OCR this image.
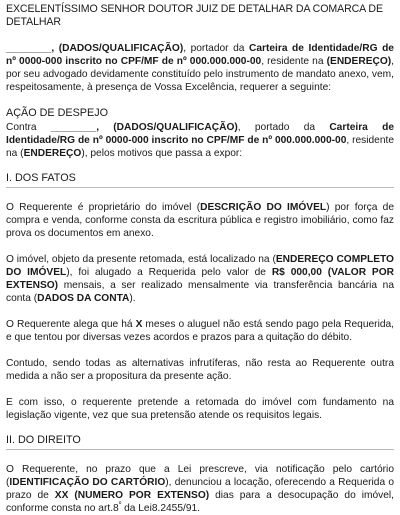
EXCELENTÍSSIMO SENHOR DOUTOR JUIZ DE DETALHAR DA COMARCA DE DETALHAR

________, (DADOS/QUALIFICAÇÃO), portador da Carteira de Identidade/RG de nº 0000-000 inscrito no CPF/MF de nº 000.000.000-00, residente na (ENDEREÇO), por seu advogado devidamente constituído pelo instrumento de mandato anexo, vem, respeitosamente, à presença de Vossa Excelência, requerer a seguinte:

AÇÃO DE DESPEJO

Contra ________, (DADOS/QUALIFICAÇÃO), portado da Carteira de Identidade/RG de nº 0000-000 inscrito no CPF/MF de nº 000.000.000-00, residente na (ENDEREÇO), pelos motivos que passa a expor:

I. DOS FATOS

O Requerente é proprietário do imóvel (DESCRIÇÃO DO IMÓVEL) por força de compra e venda, conforme consta da escritura pública e registro imobiliário, como faz prova os documentos em anexo.

O imóvel, objeto da presente retomada, está localizado na (ENDEREÇO COMPLETO DO IMÓVEL), foi alugado a Requerida pelo valor de R$ 000,00 (VALOR POR EXTENSO) mensais, a ser realizado mensalmente via transferência bancária na conta (DADOS DA CONTA).

O Requerente alega que há X meses o aluguel não está sendo pago pela Requerida, e que tentou por diversas vezes acordos e prazos para a quitação do débito.

Contudo, sendo todas as alternativas infrutíferas, não resta ao Requerente outra medida a não ser a propositura da presente ação.

E com isso, o requerente pretende a retomada do imóvel com fundamento na legislação vigente, vez que sua pretensão atende os requisitos legais.

II. DO DIREITO

O Requerente, no prazo que a Lei prescreve, via notificação pelo cartório (IDENTIFICAÇÃO DO CARTÓRIO), denunciou a locação, oferecendo a Requerida o prazo de XX (NUMERO POR EXTENSO) dias para a desocupação do imóvel, conforme consta no $art.8^º$ da Lei8.2455/91.
